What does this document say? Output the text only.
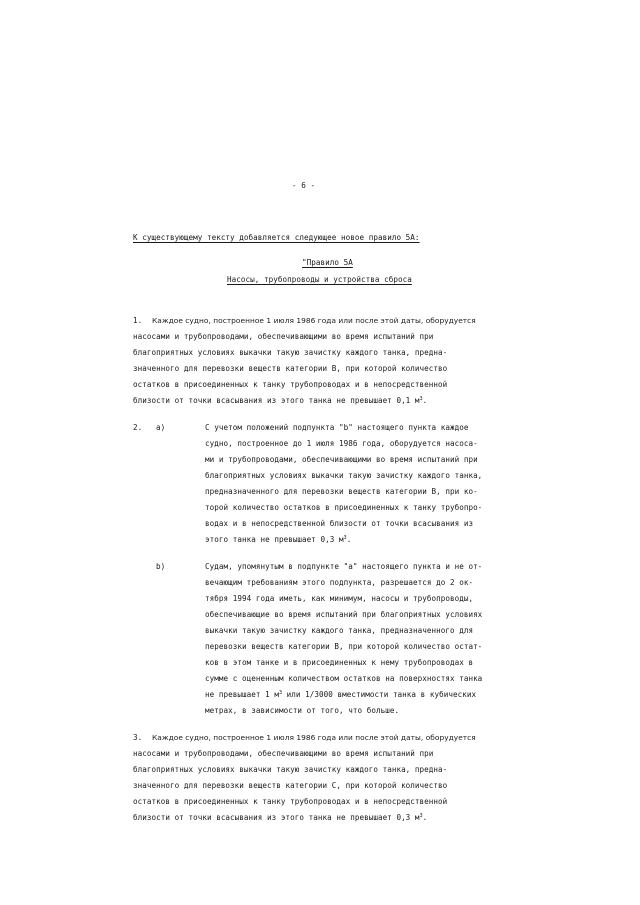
- 6 -
К существующему тексту добавляется следующее новое правило 5А:
"Правило 5А
Насосы, трубопроводы и устройства сброса
1. Каждое судно, построенное 1 июля 1986 года или после этой даты, оборудуется
насосами и трубопроводами, обеспечивающими во время испытаний при
благоприятных условиях выкачки такую зачистку каждого танка, предна-
значенного для перевозки веществ категории В, при которой количество
остатков в присоединенных к танку трубопроводах и в непосредственной
близости от точки всасывания из этого танка не превышает 0,1 $м^3$.
2. a)	С учетом положений подпункта "b" настоящего пункта каждое
судно, построенное до 1 июля 1986 года, оборудуется насоса-
ми и трубопроводами, обеспечивающими во время испытаний при
благоприятных условиях выкачки такую зачистку каждого танка,
предназначенного для перевозки веществ категории В, при ко-
торой количество остатков в присоединенных к танку трубопро-
водах и в непосредственной близости от точки всасывания из
этого танка не превышает 0,3 $м^3$.
b)	Судам, упомянутым в подпункте "а" настоящего пункта и не от-
вечающим требованиям этого подпункта, разрешается до 2 ок-
тября 1994 года иметь, как минимум, насосы и трубопроводы,
обеспечивающие во время испытаний при благоприятных условиях
выкачки такую зачистку каждого танка, предназначенного для
перевозки веществ категории В, при которой количество остат-
ков в этом танке и в присоединенных к нему трубопроводах в
сумме с оцененным количеством остатков на поверхностях танка
не превышает 1 $м^3$ или 1/3000 вместимости танка в кубических
метрах, в зависимости от того, что больше.
3. Каждое судно, построенное 1 июля 1986 года или после этой даты, оборудуется
насосами и трубопроводами, обеспечивающими во время испытаний при
благоприятных условиях выкачки такую зачистку каждого танка, предна-
значенного для перевозки веществ категории С, при которой количество
остатков в присоединенных к танку трубопроводах и в непосредственной
близости от точки всасывания из этого танка не превышает 0,3 $м^3$.
